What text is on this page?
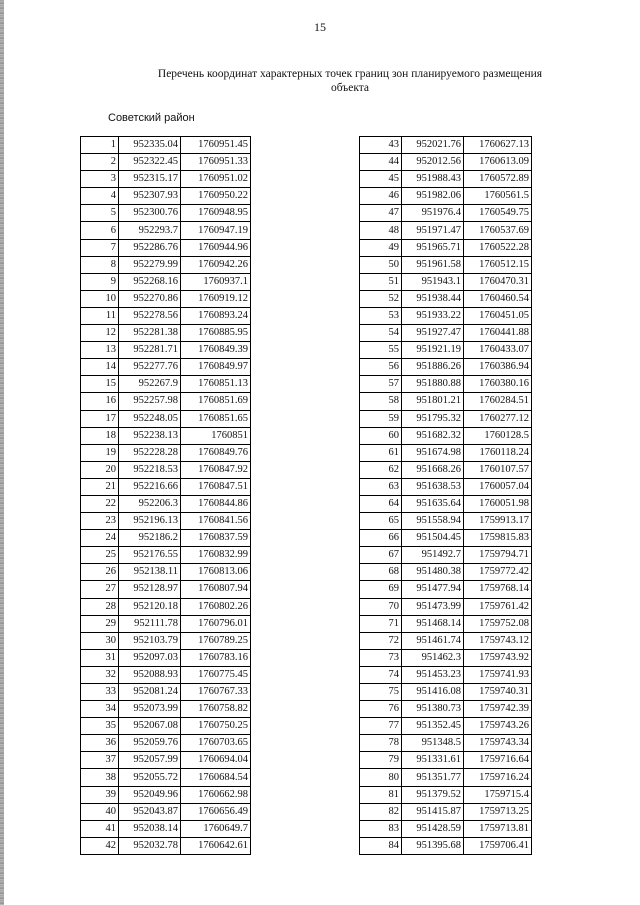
15
Перечень координат характерных точек границ зон планируемого размещения
объекта
Советский район
1	952335.04	1760951.45
2	952322.45	1760951.33
3	952315.17	1760951.02
4	952307.93	1760950.22
5	952300.76	1760948.95
6	952293.7	1760947.19
7	952286.76	1760944.96
8	952279.99	1760942.26
9	952268.16	1760937.1
10	952270.86	1760919.12
11	952278.56	1760893.24
12	952281.38	1760885.95
13	952281.71	1760849.39
14	952277.76	1760849.97
15	952267.9	1760851.13
16	952257.98	1760851.69
17	952248.05	1760851.65
18	952238.13	1760851
19	952228.28	1760849.76
20	952218.53	1760847.92
21	952216.66	1760847.51
22	952206.3	1760844.86
23	952196.13	1760841.56
24	952186.2	1760837.59
25	952176.55	1760832.99
26	952138.11	1760813.06
27	952128.97	1760807.94
28	952120.18	1760802.26
29	952111.78	1760796.01
30	952103.79	1760789.25
31	952097.03	1760783.16
32	952088.93	1760775.45
33	952081.24	1760767.33
34	952073.99	1760758.82
35	952067.08	1760750.25
36	952059.76	1760703.65
37	952057.99	1760694.04
38	952055.72	1760684.54
39	952049.96	1760662.98
40	952043.87	1760656.49
41	952038.14	1760649.7
42	952032.78	1760642.61
43	952021.76	1760627.13
44	952012.56	1760613.09
45	951988.43	1760572.89
46	951982.06	1760561.5
47	951976.4	1760549.75
48	951971.47	1760537.69
49	951965.71	1760522.28
50	951961.58	1760512.15
51	951943.1	1760470.31
52	951938.44	1760460.54
53	951933.22	1760451.05
54	951927.47	1760441.88
55	951921.19	1760433.07
56	951886.26	1760386.94
57	951880.88	1760380.16
58	951801.21	1760284.51
59	951795.32	1760277.12
60	951682.32	1760128.5
61	951674.98	1760118.24
62	951668.26	1760107.57
63	951638.53	1760057.04
64	951635.64	1760051.98
65	951558.94	1759913.17
66	951504.45	1759815.83
67	951492.7	1759794.71
68	951480.38	1759772.42
69	951477.94	1759768.14
70	951473.99	1759761.42
71	951468.14	1759752.08
72	951461.74	1759743.12
73	951462.3	1759743.92
74	951453.23	1759741.93
75	951416.08	1759740.31
76	951380.73	1759742.39
77	951352.45	1759743.26
78	951348.5	1759743.34
79	951331.61	1759716.64
80	951351.77	1759716.24
81	951379.52	1759715.4
82	951415.87	1759713.25
83	951428.59	1759713.81
84	951395.68	1759706.41
